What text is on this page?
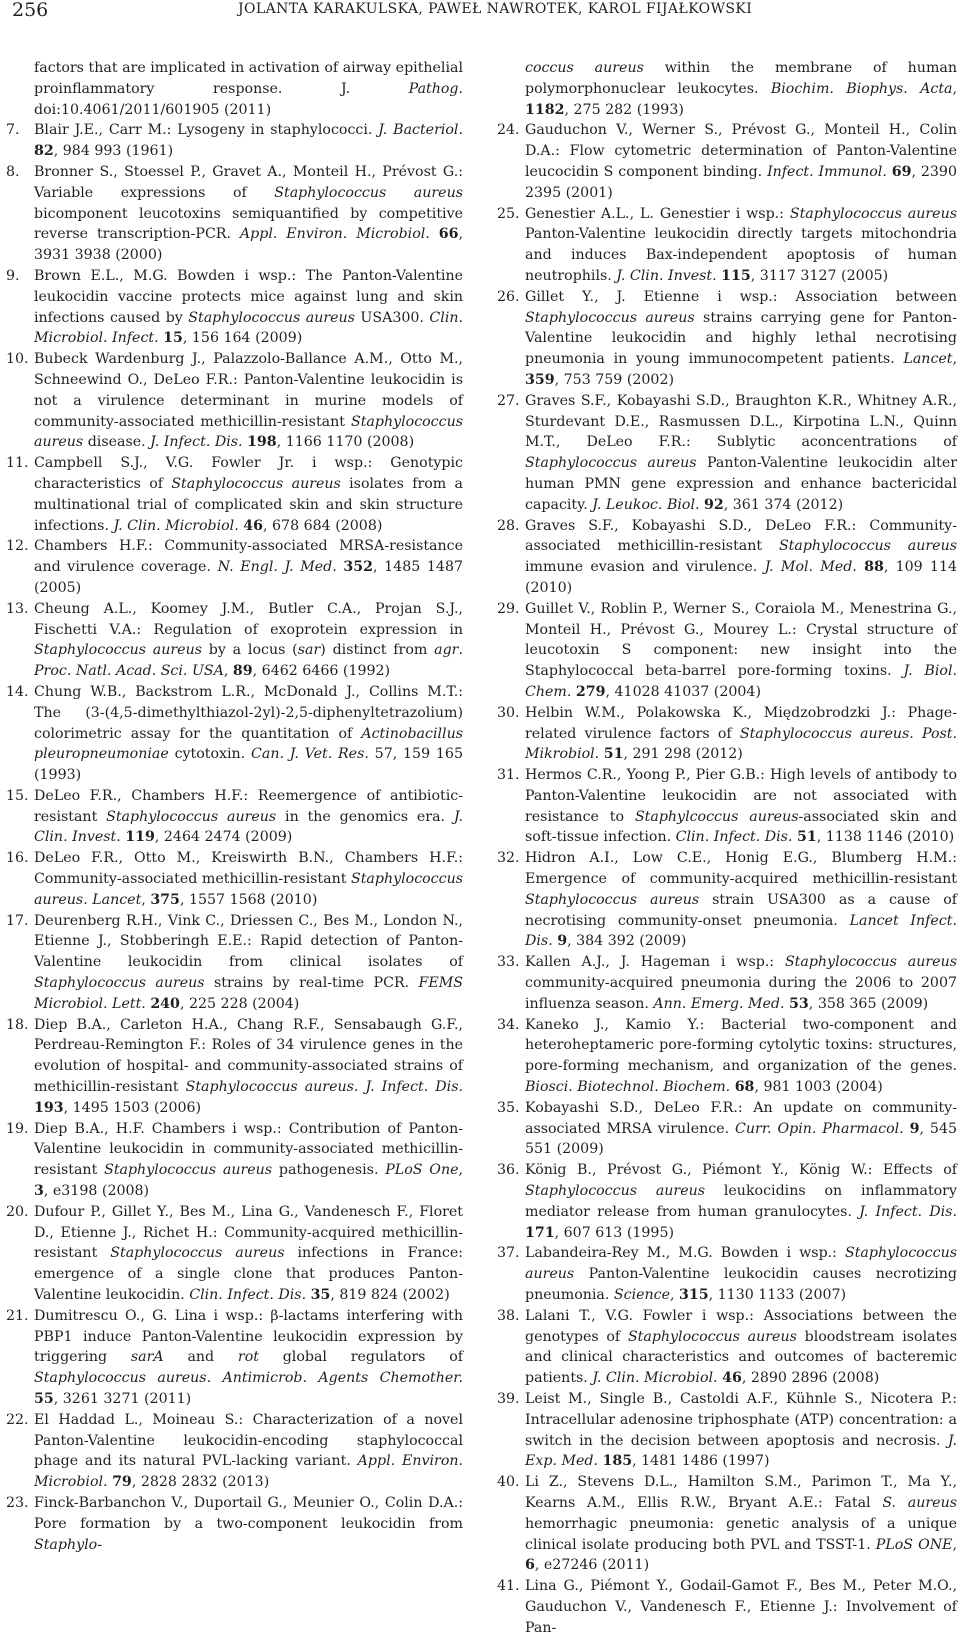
256	JOLANTA KARAKULSKA, PAWEŁ NAWROTEK, KAROL FIJAŁKOWSKI
factors that are implicated in activation of airway epithelial proinflammatory response. J. Pathog. doi:10.4061/2011/601905 (2011)
7. Blair J.E., Carr M.: Lysogeny in staphylococci. J. Bacteriol. 82, 984 993 (1961)
8. Bronner S., Stoessel P., Gravet A., Monteil H., Prévost G.: Variable expressions of Staphylococcus aureus bicomponent leucotoxins semiquantified by competitive reverse transcription-PCR. Appl. Environ. Microbiol. 66, 3931 3938 (2000)
9. Brown E.L., M.G. Bowden i wsp.: The Panton-Valentine leukocidin vaccine protects mice against lung and skin infections caused by Staphylococcus aureus USA300. Clin. Microbiol. Infect. 15, 156 164 (2009)
10. Bubeck Wardenburg J., Palazzolo-Ballance A.M., Otto M., Schneewind O., DeLeo F.R.: Panton-Valentine leukocidin is not a virulence determinant in murine models of community-associated methicillin-resistant Staphylococcus aureus disease. J. Infect. Dis. 198, 1166 1170 (2008)
11. Campbell S.J., V.G. Fowler Jr. i wsp.: Genotypic characteristics of Staphylococcus aureus isolates from a multinational trial of complicated skin and skin structure infections. J. Clin. Microbiol. 46, 678 684 (2008)
12. Chambers H.F.: Community-associated MRSA-resistance and virulence coverage. N. Engl. J. Med. 352, 1485 1487 (2005)
13. Cheung A.L., Koomey J.M., Butler C.A., Projan S.J., Fischetti V.A.: Regulation of exoprotein expression in Staphylococcus aureus by a locus (sar) distinct from agr. Proc. Natl. Acad. Sci. USA, 89, 6462 6466 (1992)
14. Chung W.B., Backstrom L.R., McDonald J., Collins M.T.: The (3-(4,5-dimethylthiazol-2yl)-2,5-diphenyltetrazolium) colorimetric assay for the quantitation of Actinobacillus pleuropneumoniae cytotoxin. Can. J. Vet. Res. 57, 159 165 (1993)
15. DeLeo F.R., Chambers H.F.: Reemergence of antibiotic-resistant Staphylococcus aureus in the genomics era. J. Clin. Invest. 119, 2464 2474 (2009)
16. DeLeo F.R., Otto M., Kreiswirth B.N., Chambers H.F.: Community-associated methicillin-resistant Staphylococcus aureus. Lancet, 375, 1557 1568 (2010)
17. Deurenberg R.H., Vink C., Driessen C., Bes M., London N., Etienne J., Stobberingh E.E.: Rapid detection of Panton-Valentine leukocidin from clinical isolates of Staphylococcus aureus strains by real-time PCR. FEMS Microbiol. Lett. 240, 225 228 (2004)
18. Diep B.A., Carleton H.A., Chang R.F., Sensabaugh G.F., Perdreau-Remington F.: Roles of 34 virulence genes in the evolution of hospital- and community-associated strains of methicillin-resistant Staphylococcus aureus. J. Infect. Dis. 193, 1495 1503 (2006)
19. Diep B.A., H.F. Chambers i wsp.: Contribution of Panton-Valentine leukocidin in community-associated methicillin-resistant Staphylococcus aureus pathogenesis. PLoS One, 3, e3198 (2008)
20. Dufour P., Gillet Y., Bes M., Lina G., Vandenesch F., Floret D., Etienne J., Richet H.: Community-acquired methicillin-resistant Staphylococcus aureus infections in France: emergence of a single clone that produces Panton-Valentine leukocidin. Clin. Infect. Dis. 35, 819 824 (2002)
21. Dumitrescu O., G. Lina i wsp.: β-lactams interfering with PBP1 induce Panton-Valentine leukocidin expression by triggering sarA and rot global regulators of Staphylococcus aureus. Antimicrob. Agents Chemother. 55, 3261 3271 (2011)
22. El Haddad L., Moineau S.: Characterization of a novel Panton-Valentine leukocidin-encoding staphylococcal phage and its natural PVL-lacking variant. Appl. Environ. Microbiol. 79, 2828 2832 (2013)
23. Finck-Barbanchon V., Duportail G., Meunier O., Colin D.A.: Pore formation by a two-component leukocidin from Staphylo-
coccus aureus within the membrane of human polymorphonuclear leukocytes. Biochim. Biophys. Acta, 1182, 275 282 (1993)
24. Gauduchon V., Werner S., Prévost G., Monteil H., Colin D.A.: Flow cytometric determination of Panton-Valentine leucocidin S component binding. Infect. Immunol. 69, 2390 2395 (2001)
25. Genestier A.L., L. Genestier i wsp.: Staphylococcus aureus Panton-Valentine leukocidin directly targets mitochondria and induces Bax-independent apoptosis of human neutrophils. J. Clin. Invest. 115, 3117 3127 (2005)
26. Gillet Y., J. Etienne i wsp.: Association between Staphylococcus aureus strains carrying gene for Panton-Valentine leukocidin and highly lethal necrotising pneumonia in young immunocompetent patients. Lancet, 359, 753 759 (2002)
27. Graves S.F., Kobayashi S.D., Braughton K.R., Whitney A.R., Sturdevant D.E., Rasmussen D.L., Kirpotina L.N., Quinn M.T., DeLeo F.R.: Sublytic aconcentrations of Staphylococcus aureus Panton-Valentine leukocidin alter human PMN gene expression and enhance bactericidal capacity. J. Leukoc. Biol. 92, 361 374 (2012)
28. Graves S.F., Kobayashi S.D., DeLeo F.R.: Community-associated methicillin-resistant Staphylococcus aureus immune evasion and virulence. J. Mol. Med. 88, 109 114 (2010)
29. Guillet V., Roblin P., Werner S., Coraiola M., Menestrina G., Monteil H., Prévost G., Mourey L.: Crystal structure of leucotoxin S component: new insight into the Staphylococcal beta-barrel pore-forming toxins. J. Biol. Chem. 279, 41028 41037 (2004)
30. Helbin W.M., Polakowska K., Międzobrodzki J.: Phage-related virulence factors of Staphylococcus aureus. Post. Mikrobiol. 51, 291 298 (2012)
31. Hermos C.R., Yoong P., Pier G.B.: High levels of antibody to Panton-Valentine leukocidin are not associated with resistance to Staphylcoccus aureus-associated skin and soft-tissue infection. Clin. Infect. Dis. 51, 1138 1146 (2010)
32. Hidron A.I., Low C.E., Honig E.G., Blumberg H.M.: Emergence of community-acquired methicillin-resistant Staphylococcus aureus strain USA300 as a cause of necrotising community-onset pneumonia. Lancet Infect. Dis. 9, 384 392 (2009)
33. Kallen A.J., J. Hageman i wsp.: Staphylococcus aureus community-acquired pneumonia during the 2006 to 2007 influenza season. Ann. Emerg. Med. 53, 358 365 (2009)
34. Kaneko J., Kamio Y.: Bacterial two-component and heteroheptameric pore-forming cytolytic toxins: structures, pore-forming mechanism, and organization of the genes. Biosci. Biotechnol. Biochem. 68, 981 1003 (2004)
35. Kobayashi S.D., DeLeo F.R.: An update on community-associated MRSA virulence. Curr. Opin. Pharmacol. 9, 545 551 (2009)
36. König B., Prévost G., Piémont Y., König W.: Effects of Staphylococcus aureus leukocidins on inflammatory mediator release from human granulocytes. J. Infect. Dis. 171, 607 613 (1995)
37. Labandeira-Rey M., M.G. Bowden i wsp.: Staphylococcus aureus Panton-Valentine leukocidin causes necrotizing pneumonia. Science, 315, 1130 1133 (2007)
38. Lalani T., V.G. Fowler i wsp.: Associations between the genotypes of Staphylococcus aureus bloodstream isolates and clinical characteristics and outcomes of bacteremic patients. J. Clin. Microbiol. 46, 2890 2896 (2008)
39. Leist M., Single B., Castoldi A.F., Kühnle S., Nicotera P.: Intracellular adenosine triphosphate (ATP) concentration: a switch in the decision between apoptosis and necrosis. J. Exp. Med. 185, 1481 1486 (1997)
40. Li Z., Stevens D.L., Hamilton S.M., Parimon T., Ma Y., Kearns A.M., Ellis R.W., Bryant A.E.: Fatal S. aureus hemorrhagic pneumonia: genetic analysis of a unique clinical isolate producing both PVL and TSST-1. PLoS ONE, 6, e27246 (2011)
41. Lina G., Piémont Y., Godail-Gamot F., Bes M., Peter M.O., Gauduchon V., Vandenesch F., Etienne J.: Involvement of Pan-
